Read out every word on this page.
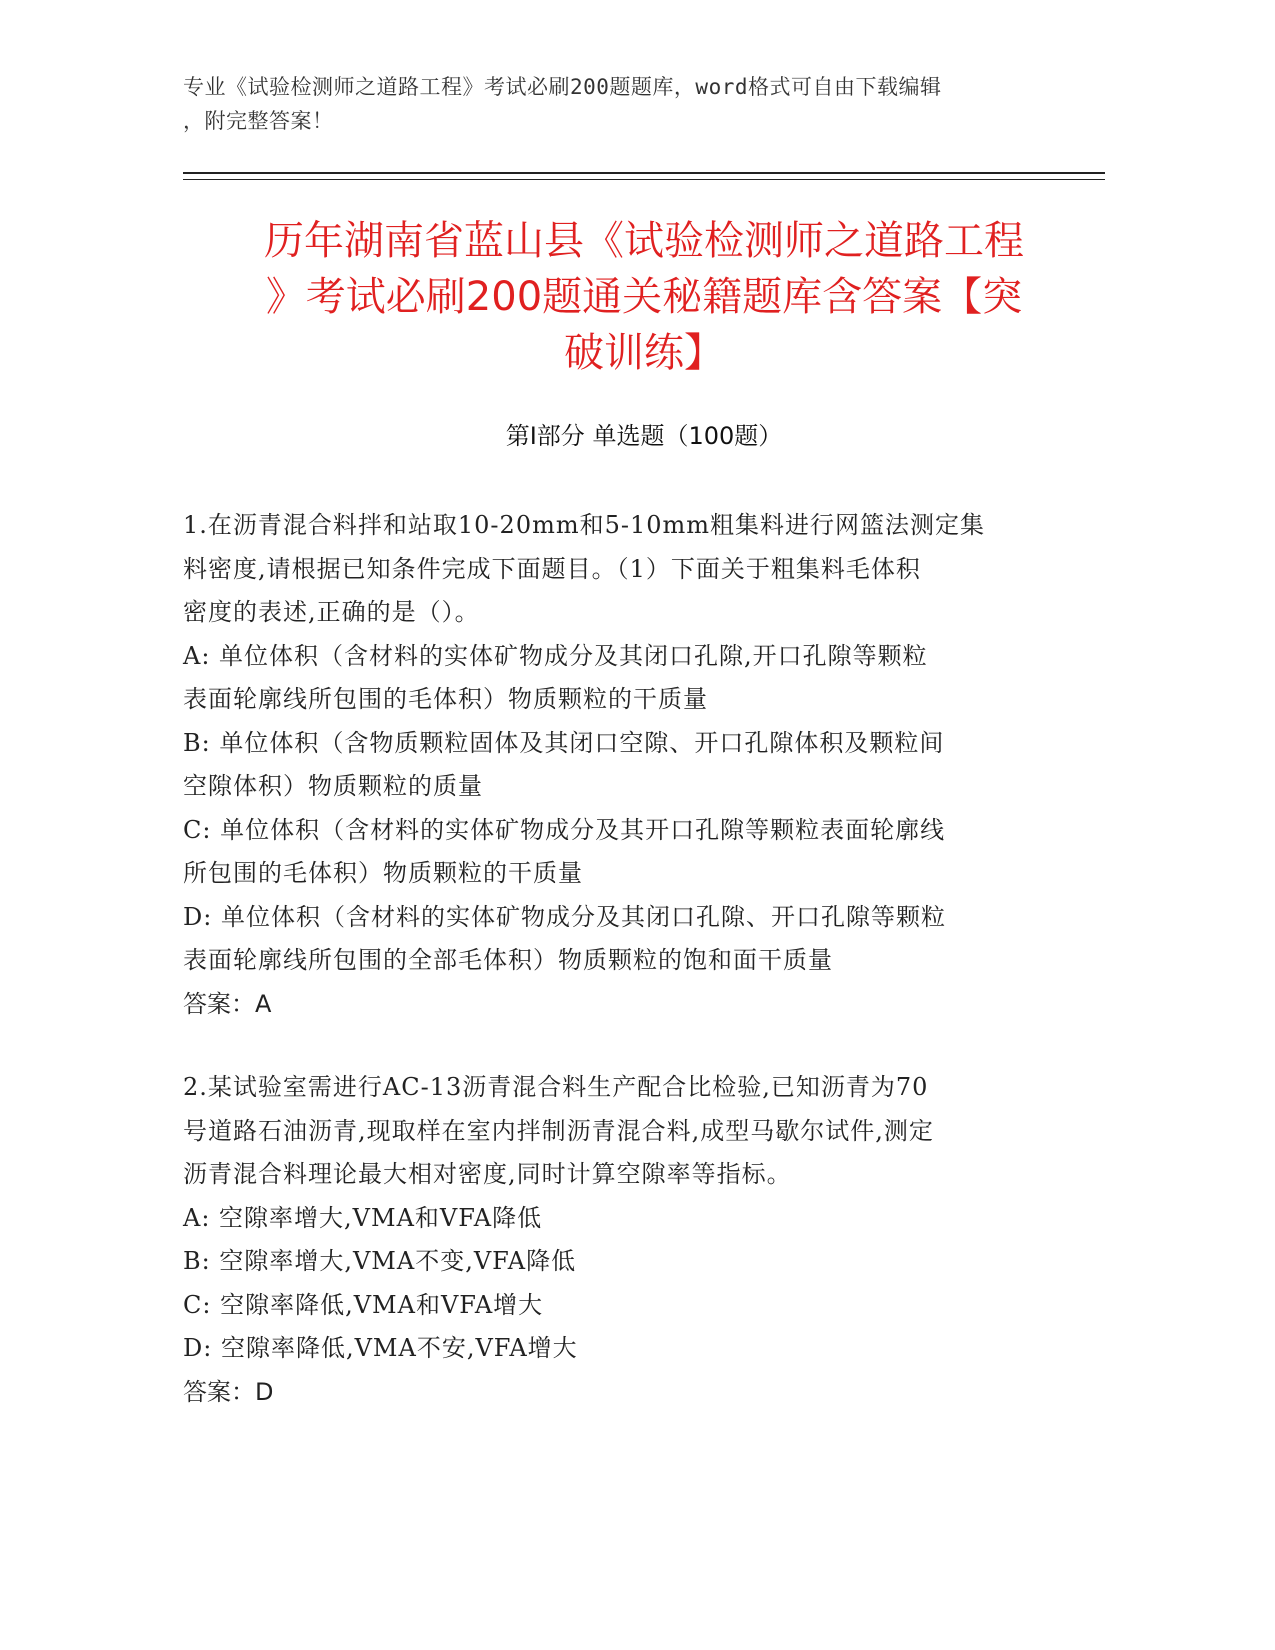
专业《试验检测师之道路工程》考试必刷200题题库，word格式可自由下载编辑
，附完整答案！
历年湖南省蓝山县《试验检测师之道路工程
》考试必刷200题通关秘籍题库含答案【突
破训练】
第Ⅰ部分 单选题（100题）

1.在沥青混合料拌和站取10-20mm和5-10mm粗集料进行网篮法测定集

料密度,请根据已知条件完成下面题目。（1）下面关于粗集料毛体积

密度的表述,正确的是（）。

A: 单位体积（含材料的实体矿物成分及其闭口孔隙,开口孔隙等颗粒

表面轮廓线所包围的毛体积）物质颗粒的干质量

B: 单位体积（含物质颗粒固体及其闭口空隙、开口孔隙体积及颗粒间

空隙体积）物质颗粒的质量

C: 单位体积（含材料的实体矿物成分及其开口孔隙等颗粒表面轮廓线

所包围的毛体积）物质颗粒的干质量

D: 单位体积（含材料的实体矿物成分及其闭口孔隙、开口孔隙等颗粒

表面轮廓线所包围的全部毛体积）物质颗粒的饱和面干质量

答案：A

2.某试验室需进行AC-13沥青混合料生产配合比检验,已知沥青为70

号道路石油沥青,现取样在室内拌制沥青混合料,成型马歇尔试件,测定

沥青混合料理论最大相对密度,同时计算空隙率等指标。

A: 空隙率增大,VMA和VFA降低

B: 空隙率增大,VMA不变,VFA降低

C: 空隙率降低,VMA和VFA增大

D: 空隙率降低,VMA不安,VFA增大

答案：D
